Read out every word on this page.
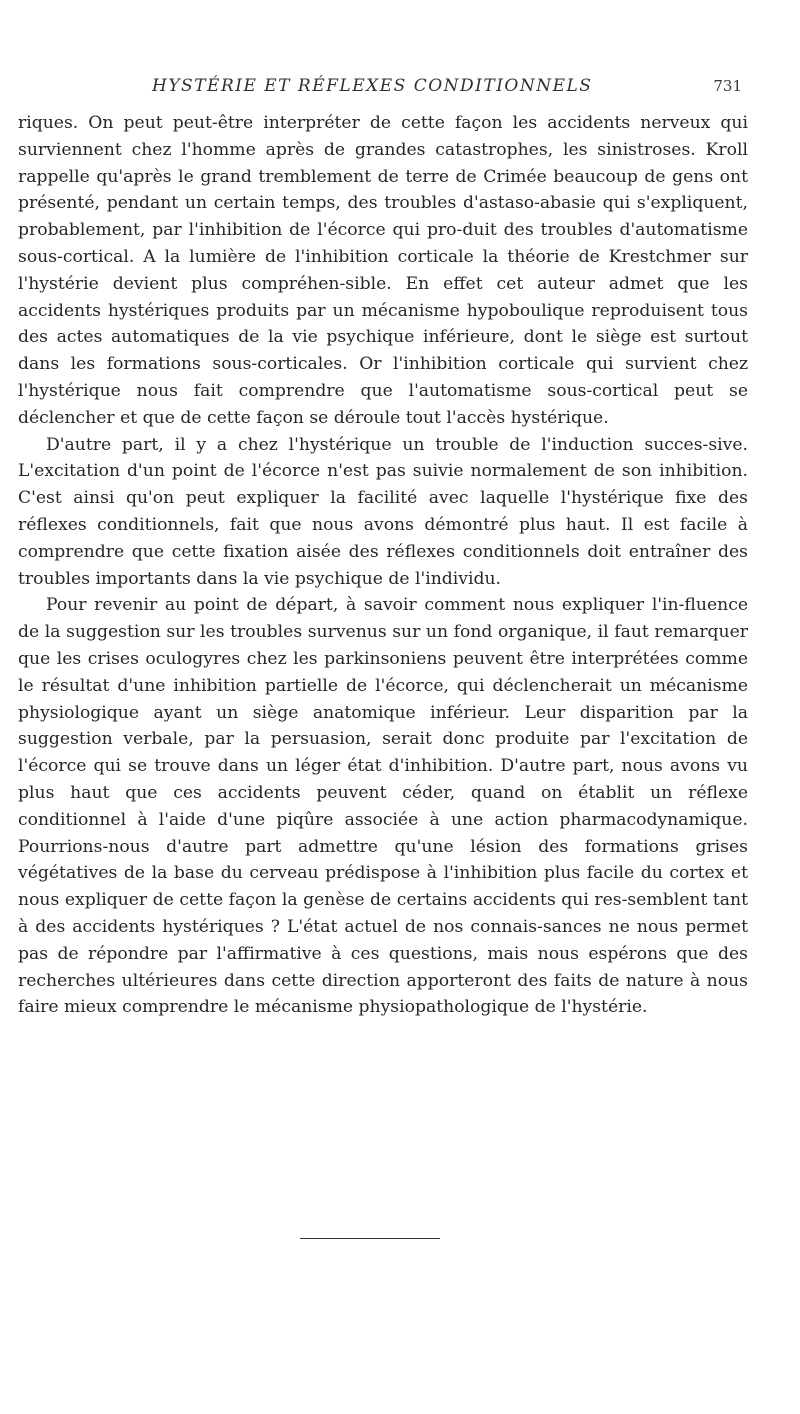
HYSTÉRIE ET RÉFLEXES CONDITIONNELS	731

riques. On peut peut-être interpréter de cette façon les accidents nerveux qui surviennent chez l'homme après de grandes catastrophes, les sinistroses. Kroll rappelle qu'après le grand tremblement de terre de Crimée beaucoup de gens ont présenté, pendant un certain temps, des troubles d'astaso-abasie qui s'expliquent, probablement, par l'inhibition de l'écorce qui pro-duit des troubles d'automatisme sous-cortical. A la lumière de l'inhibition corticale la théorie de Krestchmer sur l'hystérie devient plus compréhen-sible. En effet cet auteur admet que les accidents hystériques produits par un mécanisme hypoboulique reproduisent tous des actes automatiques de la vie psychique inférieure, dont le siège est surtout dans les formations sous-corticales. Or l'inhibition corticale qui survient chez l'hystérique nous fait comprendre que l'automatisme sous-cortical peut se déclencher et que de cette façon se déroule tout l'accès hystérique.

D'autre part, il y a chez l'hystérique un trouble de l'induction succes-sive. L'excitation d'un point de l'écorce n'est pas suivie normalement de son inhibition. C'est ainsi qu'on peut expliquer la facilité avec laquelle l'hystérique fixe des réflexes conditionnels, fait que nous avons démontré plus haut. Il est facile à comprendre que cette fixation aisée des réflexes conditionnels doit entraîner des troubles importants dans la vie psychique de l'individu.

Pour revenir au point de départ, à savoir comment nous expliquer l'in-fluence de la suggestion sur les troubles survenus sur un fond organique, il faut remarquer que les crises oculogyres chez les parkinsoniens peuvent être interprétées comme le résultat d'une inhibition partielle de l'écorce, qui déclencherait un mécanisme physiologique ayant un siège anatomique inférieur. Leur disparition par la suggestion verbale, par la persuasion, serait donc produite par l'excitation de l'écorce qui se trouve dans un léger état d'inhibition. D'autre part, nous avons vu plus haut que ces accidents peuvent céder, quand on établit un réflexe conditionnel à l'aide d'une piqûre associée à une action pharmacodynamique. Pourrions-nous d'autre part admettre qu'une lésion des formations grises végétatives de la base du cerveau prédispose à l'inhibition plus facile du cortex et nous expliquer de cette façon la genèse de certains accidents qui res-semblent tant à des accidents hystériques ? L'état actuel de nos connais-sances ne nous permet pas de répondre par l'affirmative à ces questions, mais nous espérons que des recherches ultérieures dans cette direction apporteront des faits de nature à nous faire mieux comprendre le mécanisme physiopathologique de l'hystérie.
